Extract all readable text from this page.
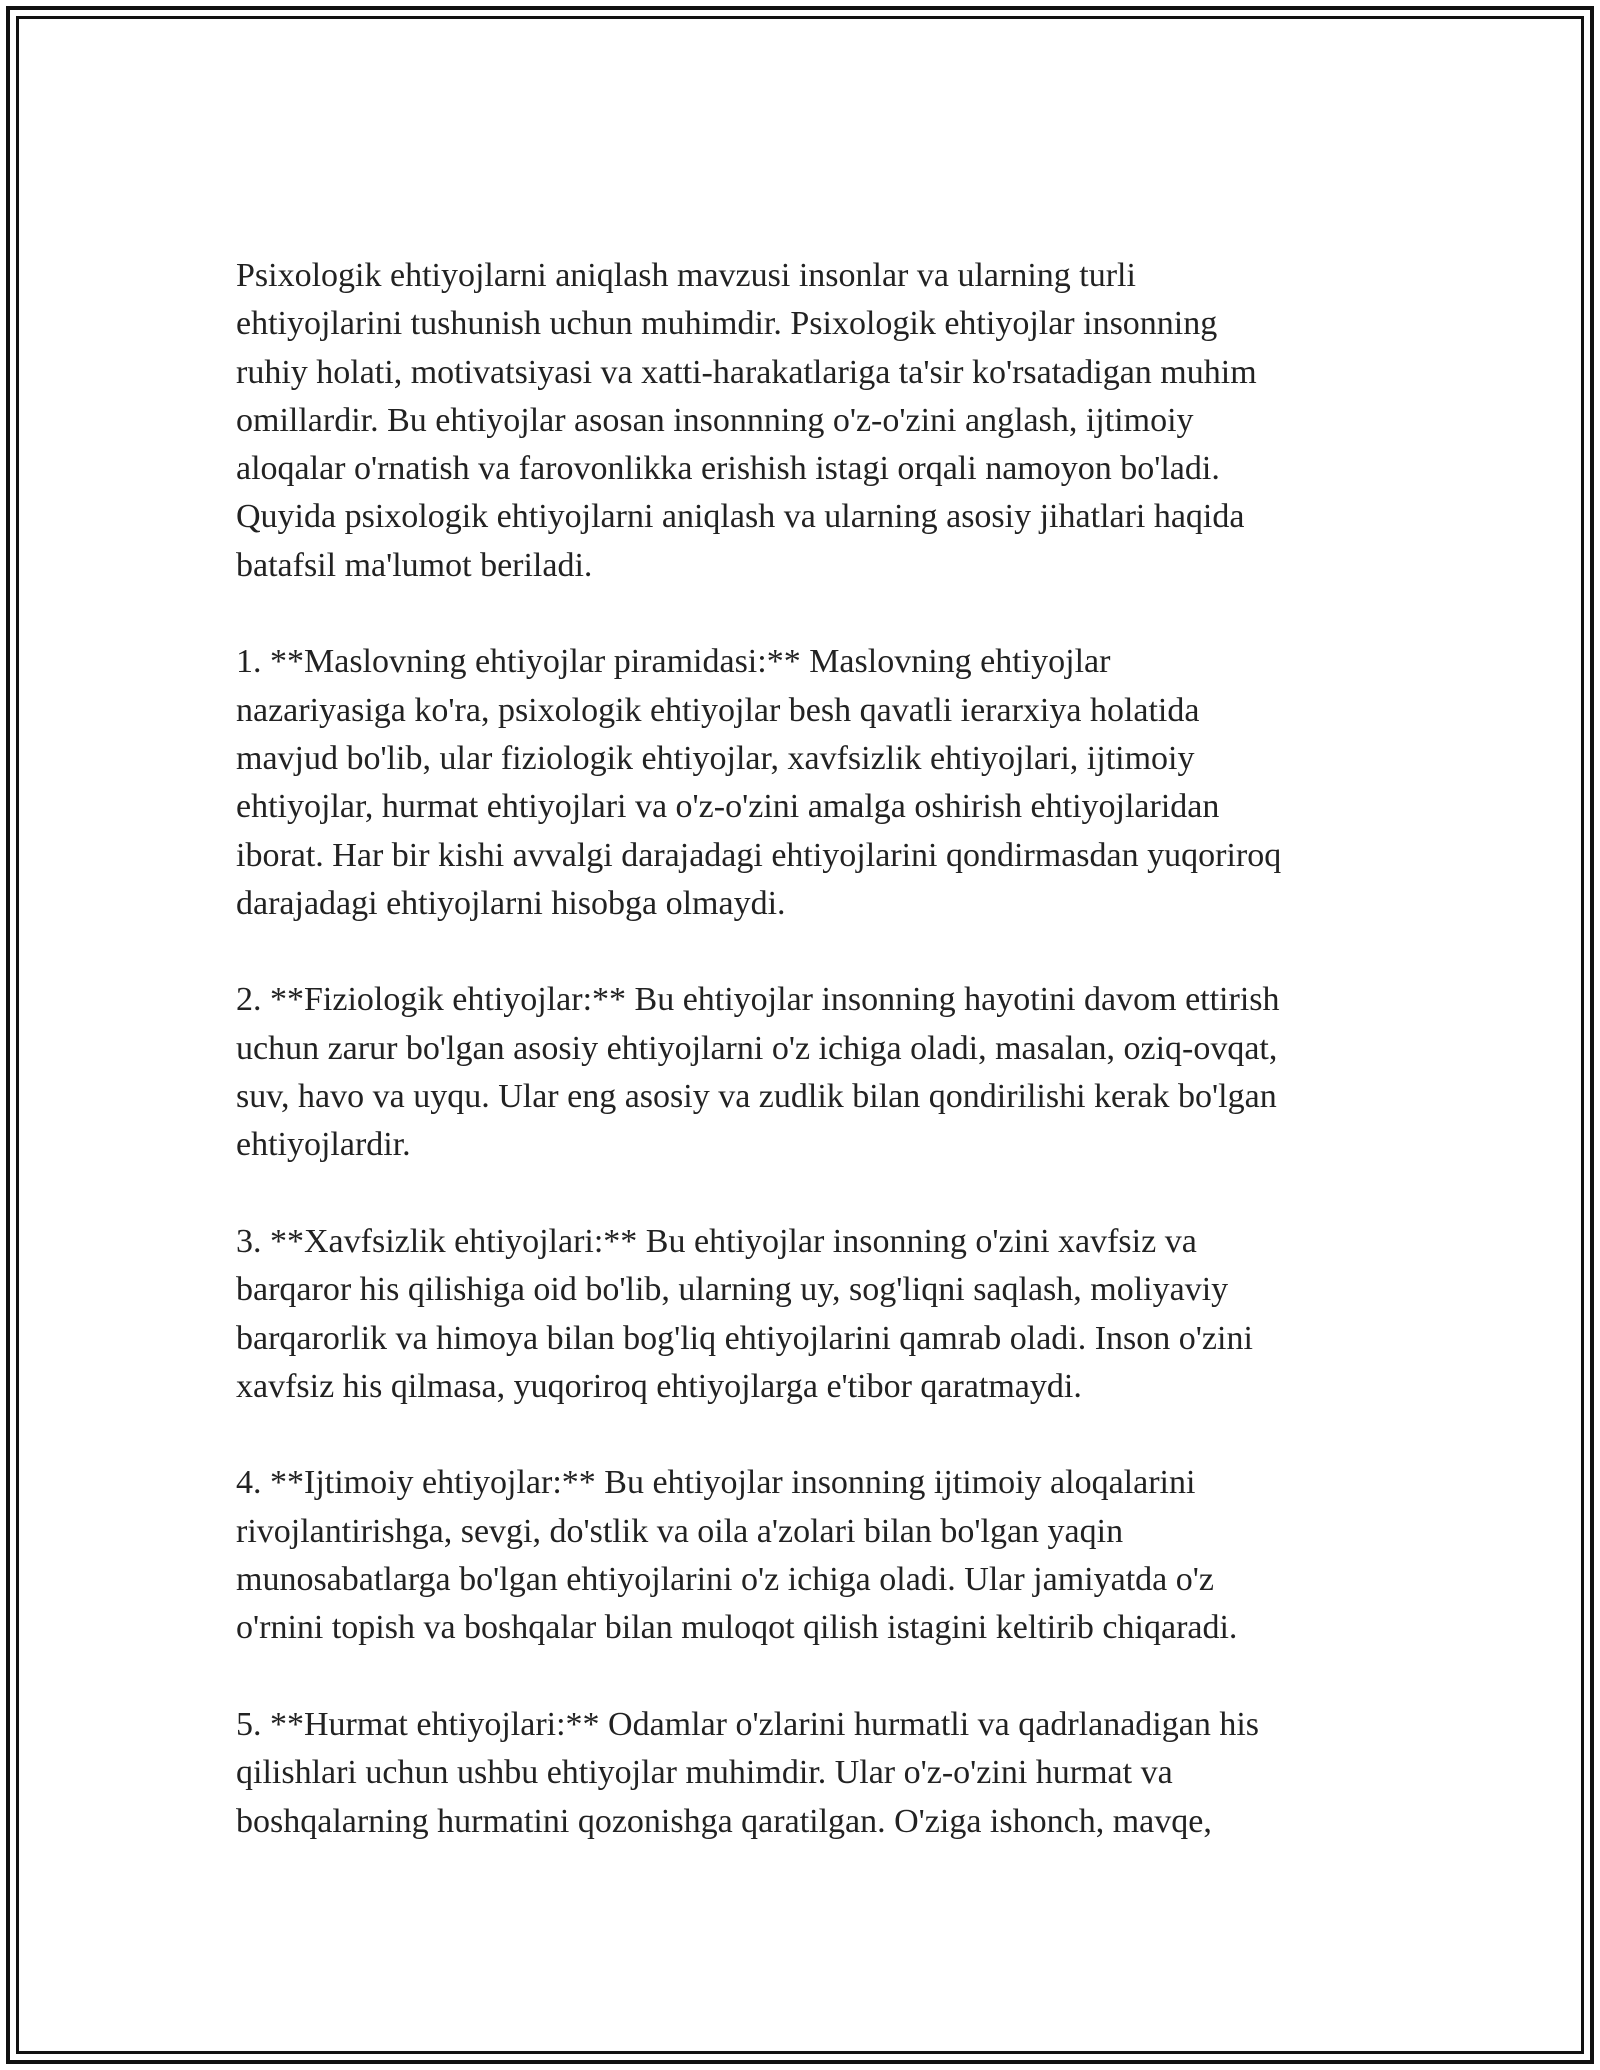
Psixologik ehtiyojlarni aniqlash mavzusi insonlar va ularning turli
ehtiyojlarini tushunish uchun muhimdir. Psixologik ehtiyojlar insonning
ruhiy holati, motivatsiyasi va xatti-harakatlariga ta'sir ko'rsatadigan muhim
omillardir. Bu ehtiyojlar asosan insonnning o'z-o'zini anglash, ijtimoiy
aloqalar o'rnatish va farovonlikka erishish istagi orqali namoyon bo'ladi.
Quyida psixologik ehtiyojlarni aniqlash va ularning asosiy jihatlari haqida
batafsil ma'lumot beriladi.

1. **Maslovning ehtiyojlar piramidasi:** Maslovning ehtiyojlar
nazariyasiga ko'ra, psixologik ehtiyojlar besh qavatli ierarxiya holatida
mavjud bo'lib, ular fiziologik ehtiyojlar, xavfsizlik ehtiyojlari, ijtimoiy
ehtiyojlar, hurmat ehtiyojlari va o'z-o'zini amalga oshirish ehtiyojlaridan
iborat. Har bir kishi avvalgi darajadagi ehtiyojlarini qondirmasdan yuqoriroq
darajadagi ehtiyojlarni hisobga olmaydi.

2. **Fiziologik ehtiyojlar:** Bu ehtiyojlar insonning hayotini davom ettirish
uchun zarur bo'lgan asosiy ehtiyojlarni o'z ichiga oladi, masalan, oziq-ovqat,
suv, havo va uyqu. Ular eng asosiy va zudlik bilan qondirilishi kerak bo'lgan
ehtiyojlardir.

3. **Xavfsizlik ehtiyojlari:** Bu ehtiyojlar insonning o'zini xavfsiz va
barqaror his qilishiga oid bo'lib, ularning uy, sog'liqni saqlash, moliyaviy
barqarorlik va himoya bilan bog'liq ehtiyojlarini qamrab oladi. Inson o'zini
xavfsiz his qilmasa, yuqoriroq ehtiyojlarga e'tibor qaratmaydi.

4. **Ijtimoiy ehtiyojlar:** Bu ehtiyojlar insonning ijtimoiy aloqalarini
rivojlantirishga, sevgi, do'stlik va oila a'zolari bilan bo'lgan yaqin
munosabatlarga bo'lgan ehtiyojlarini o'z ichiga oladi. Ular jamiyatda o'z
o'rnini topish va boshqalar bilan muloqot qilish istagini keltirib chiqaradi.

5. **Hurmat ehtiyojlari:** Odamlar o'zlarini hurmatli va qadrlanadigan his
qilishlari uchun ushbu ehtiyojlar muhimdir. Ular o'z-o'zini hurmat va
boshqalarning hurmatini qozonishga qaratilgan. O'ziga ishonch, mavqe,
